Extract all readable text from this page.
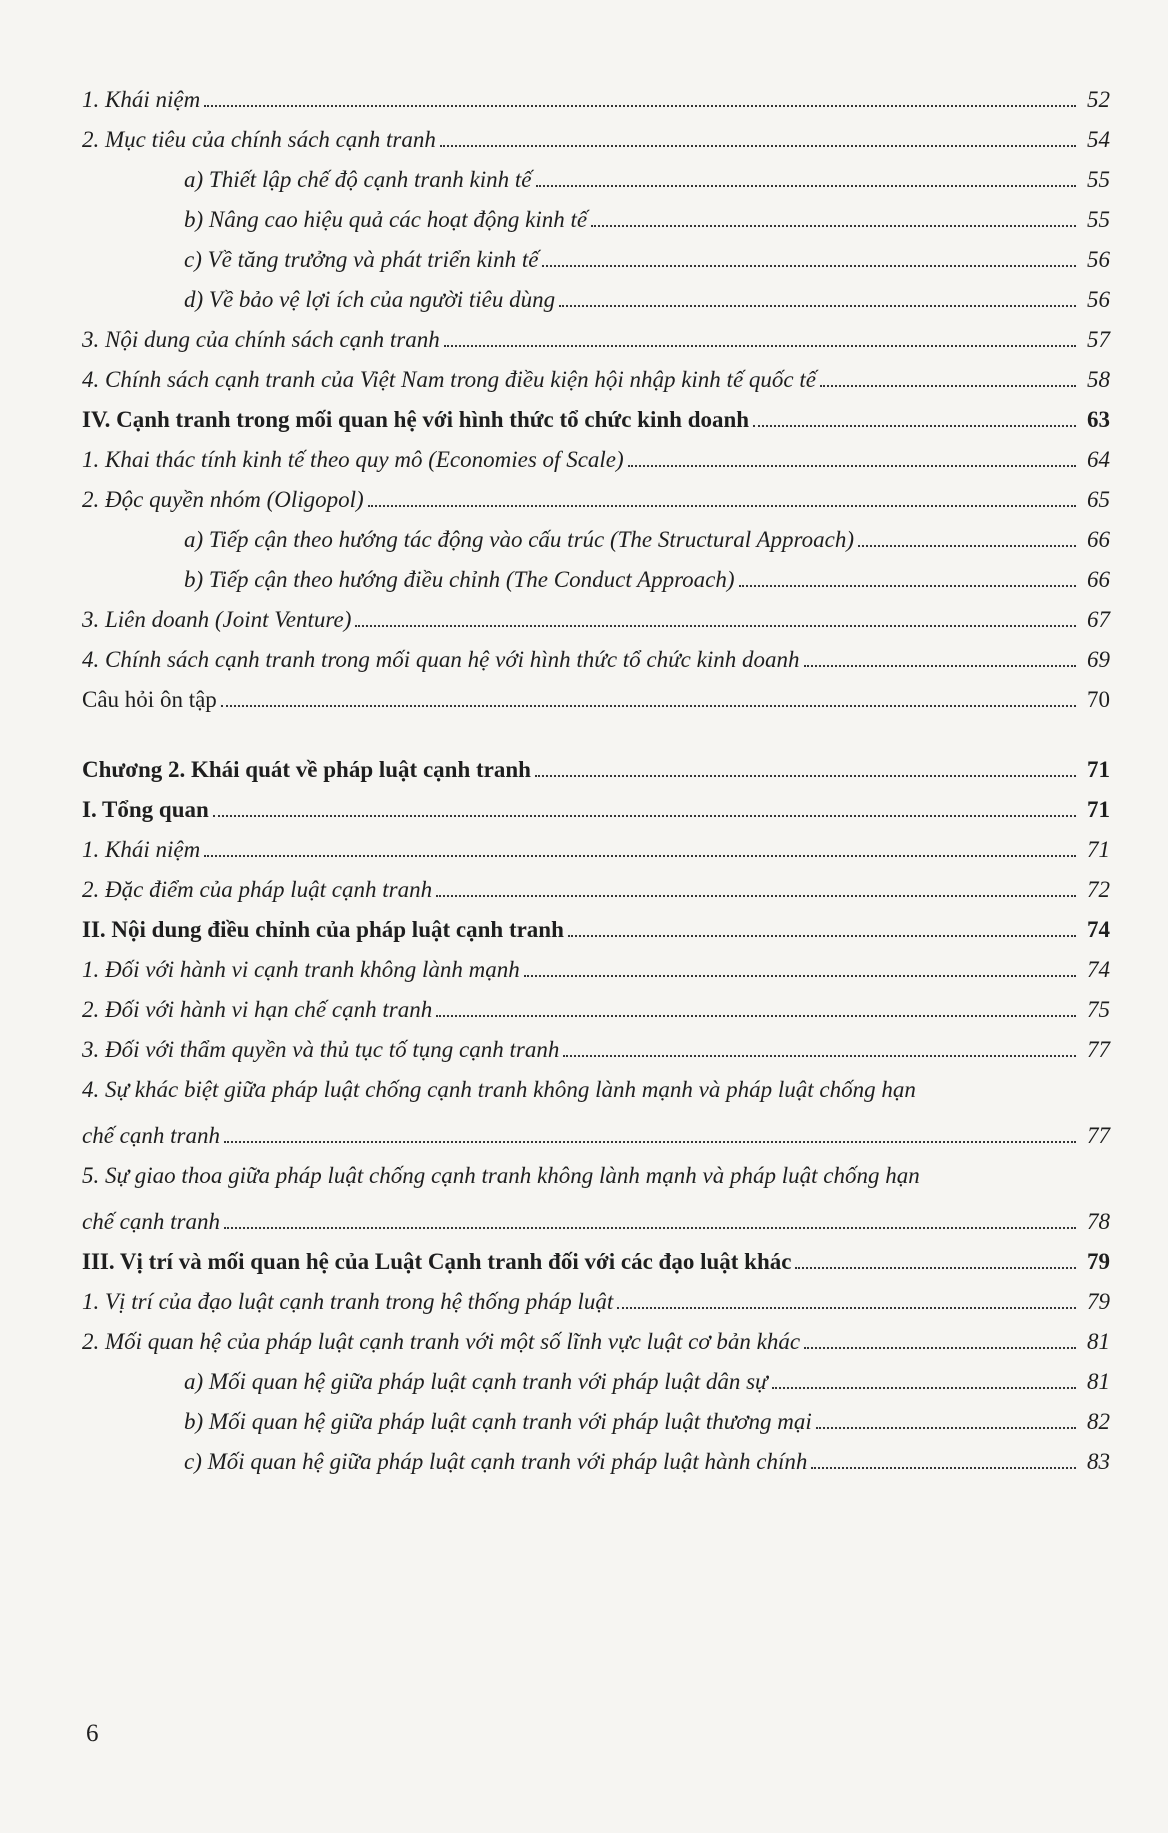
1. Khái niệm	52
2. Mục tiêu của chính sách cạnh tranh	54
a) Thiết lập chế độ cạnh tranh kinh tế	55
b) Nâng cao hiệu quả các hoạt động kinh tế	55
c) Về tăng trưởng và phát triển kinh tế	56
d) Về bảo vệ lợi ích của người tiêu dùng	56
3. Nội dung của chính sách cạnh tranh	57
4. Chính sách cạnh tranh của Việt Nam trong điều kiện hội nhập kinh tế quốc tế	58
IV. Cạnh tranh trong mối quan hệ với hình thức tổ chức kinh doanh	63
1. Khai thác tính kinh tế theo quy mô (Economies of Scale)	64
2. Độc quyền nhóm (Oligopol)	65
a) Tiếp cận theo hướng tác động vào cấu trúc (The Structural Approach)	66
b) Tiếp cận theo hướng điều chỉnh (The Conduct Approach)	66
3. Liên doanh (Joint Venture)	67
4. Chính sách cạnh tranh trong mối quan hệ với hình thức tổ chức kinh doanh	69
Câu hỏi ôn tập	70
Chương 2. Khái quát về pháp luật cạnh tranh	71
I. Tổng quan	71
1. Khái niệm	71
2. Đặc điểm của pháp luật cạnh tranh	72
II. Nội dung điều chỉnh của pháp luật cạnh tranh	74
1. Đối với hành vi cạnh tranh không lành mạnh	74
2. Đối với hành vi hạn chế cạnh tranh	75
3. Đối với thẩm quyền và thủ tục tố tụng cạnh tranh	77
4. Sự khác biệt giữa pháp luật chống cạnh tranh không lành mạnh và pháp luật chống hạn
chế cạnh tranh	77
5. Sự giao thoa giữa pháp luật chống cạnh tranh không lành mạnh và pháp luật chống hạn
chế cạnh tranh	78
III. Vị trí và mối quan hệ của Luật Cạnh tranh đối với các đạo luật khác	79
1. Vị trí của đạo luật cạnh tranh trong hệ thống pháp luật	79
2. Mối quan hệ của pháp luật cạnh tranh với một số lĩnh vực luật cơ bản khác	81
a) Mối quan hệ giữa pháp luật cạnh tranh với pháp luật dân sự	81
b) Mối quan hệ giữa pháp luật cạnh tranh với pháp luật thương mại	82
c) Mối quan hệ giữa pháp luật cạnh tranh với pháp luật hành chính	83
6
